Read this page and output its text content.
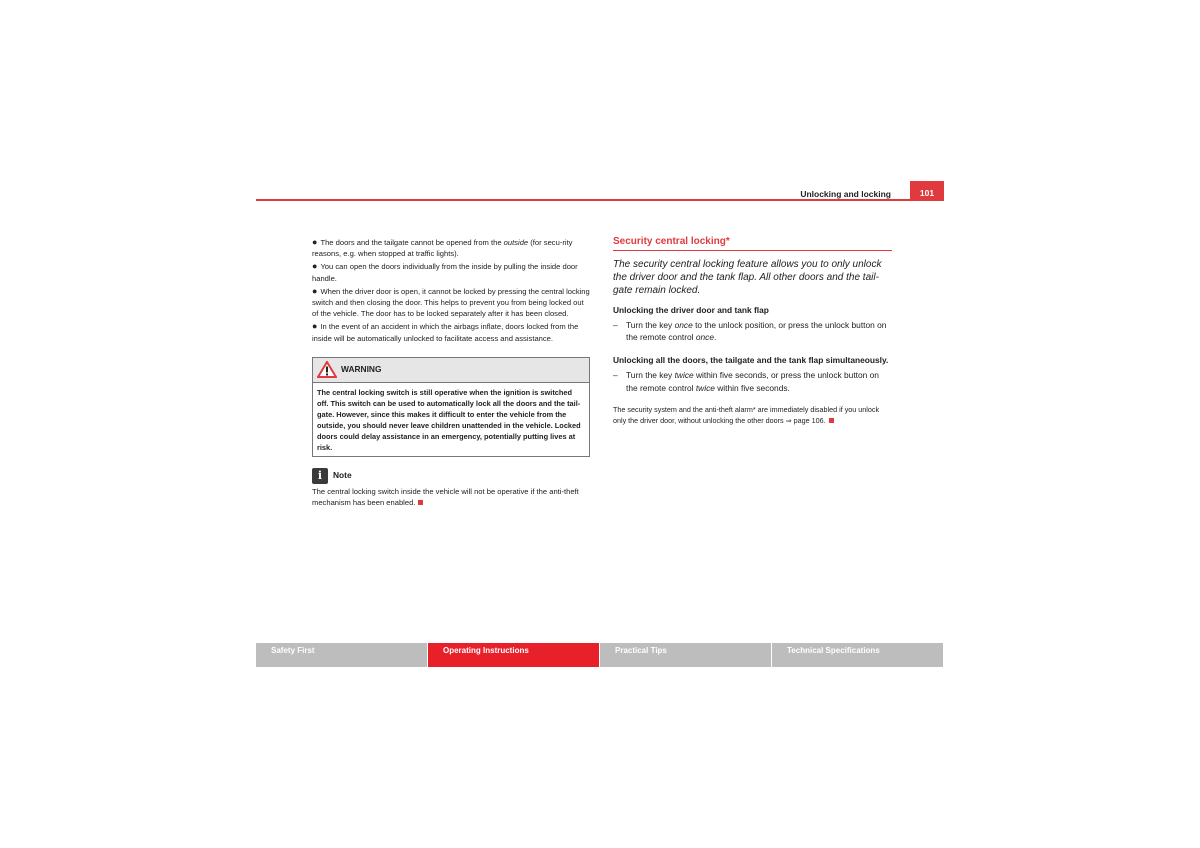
Unlocking and locking	101
● The doors and the tailgate cannot be opened from the outside (for secu-rity reasons, e.g. when stopped at traffic lights).
● You can open the doors individually from the inside by pulling the inside door handle.
● When the driver door is open, it cannot be locked by pressing the central locking switch and then closing the door. This helps to prevent you from being locked out of the vehicle. The door has to be locked separately after it has been closed.
● In the event of an accident in which the airbags inflate, doors locked from the inside will be automatically unlocked to facilitate access and assistance.
WARNING
The central locking switch is still operative when the ignition is switched off. This switch can be used to automatically lock all the doors and the tail-gate. However, since this makes it difficult to enter the vehicle from the outside, you should never leave children unattended in the vehicle. Locked doors could delay assistance in an emergency, potentially putting lives at risk.
i	Note
The central locking switch inside the vehicle will not be operative if the anti-theft mechanism has been enabled.
Security central locking*
The security central locking feature allows you to only unlock the driver door and the tank flap. All other doors and the tail-gate remain locked.
Unlocking the driver door and tank flap
– Turn the key once to the unlock position, or press the unlock button on the remote control once.
Unlocking all the doors, the tailgate and the tank flap simultaneously.
– Turn the key twice within five seconds, or press the unlock button on the remote control twice within five seconds.
The security system and the anti-theft alarm* are immediately disabled if you unlock only the driver door, without unlocking the other doors ⇒ page 106.
Safety First	Operating Instructions	Practical Tips	Technical Specifications
